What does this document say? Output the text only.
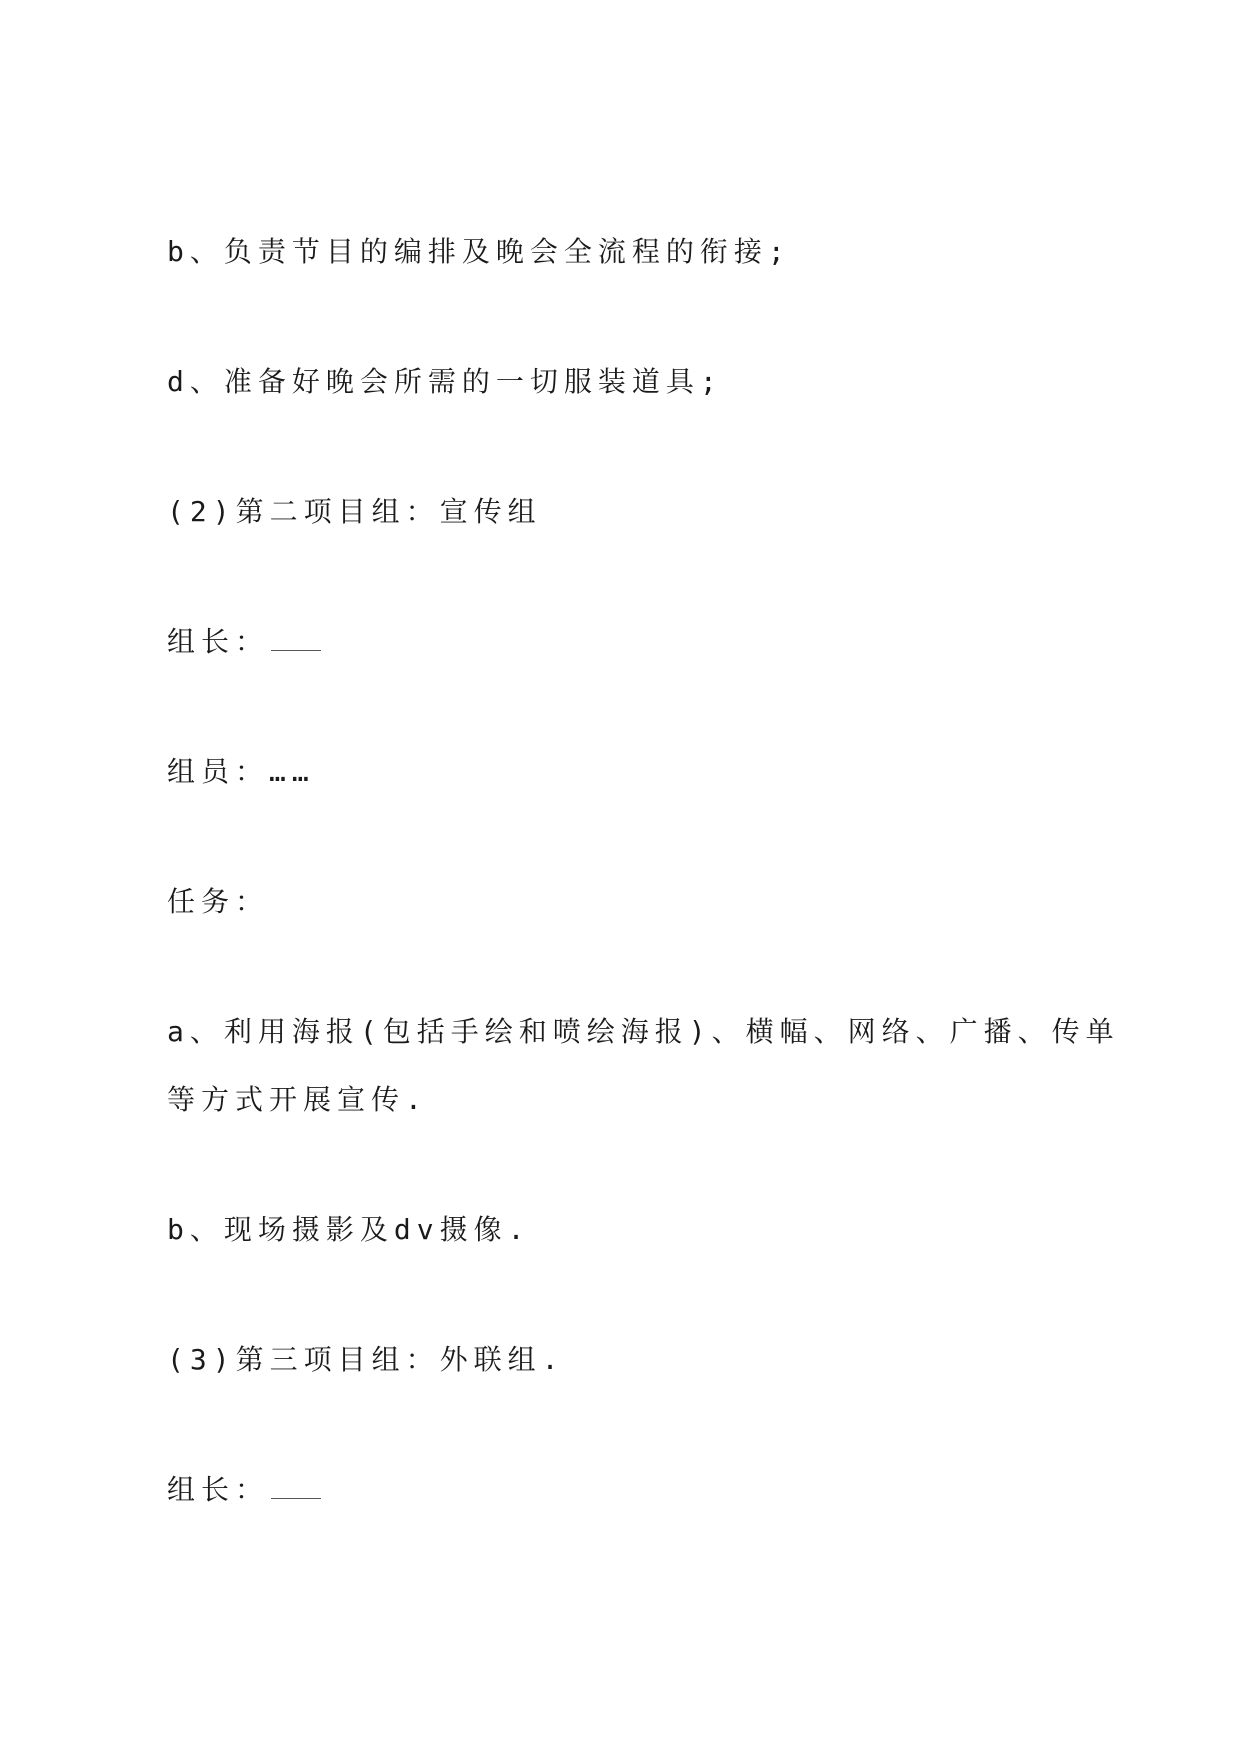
b、负责节目的编排及晚会全流程的衔接;
d、准备好晚会所需的一切服装道具;
(2)第二项目组：宣传组
组长：
组员：……
任务：
a、利用海报(包括手绘和喷绘海报)、横幅、网络、广播、传单
等方式开展宣传.
b、现场摄影及dv摄像.
(3)第三项目组：外联组.
组长：
